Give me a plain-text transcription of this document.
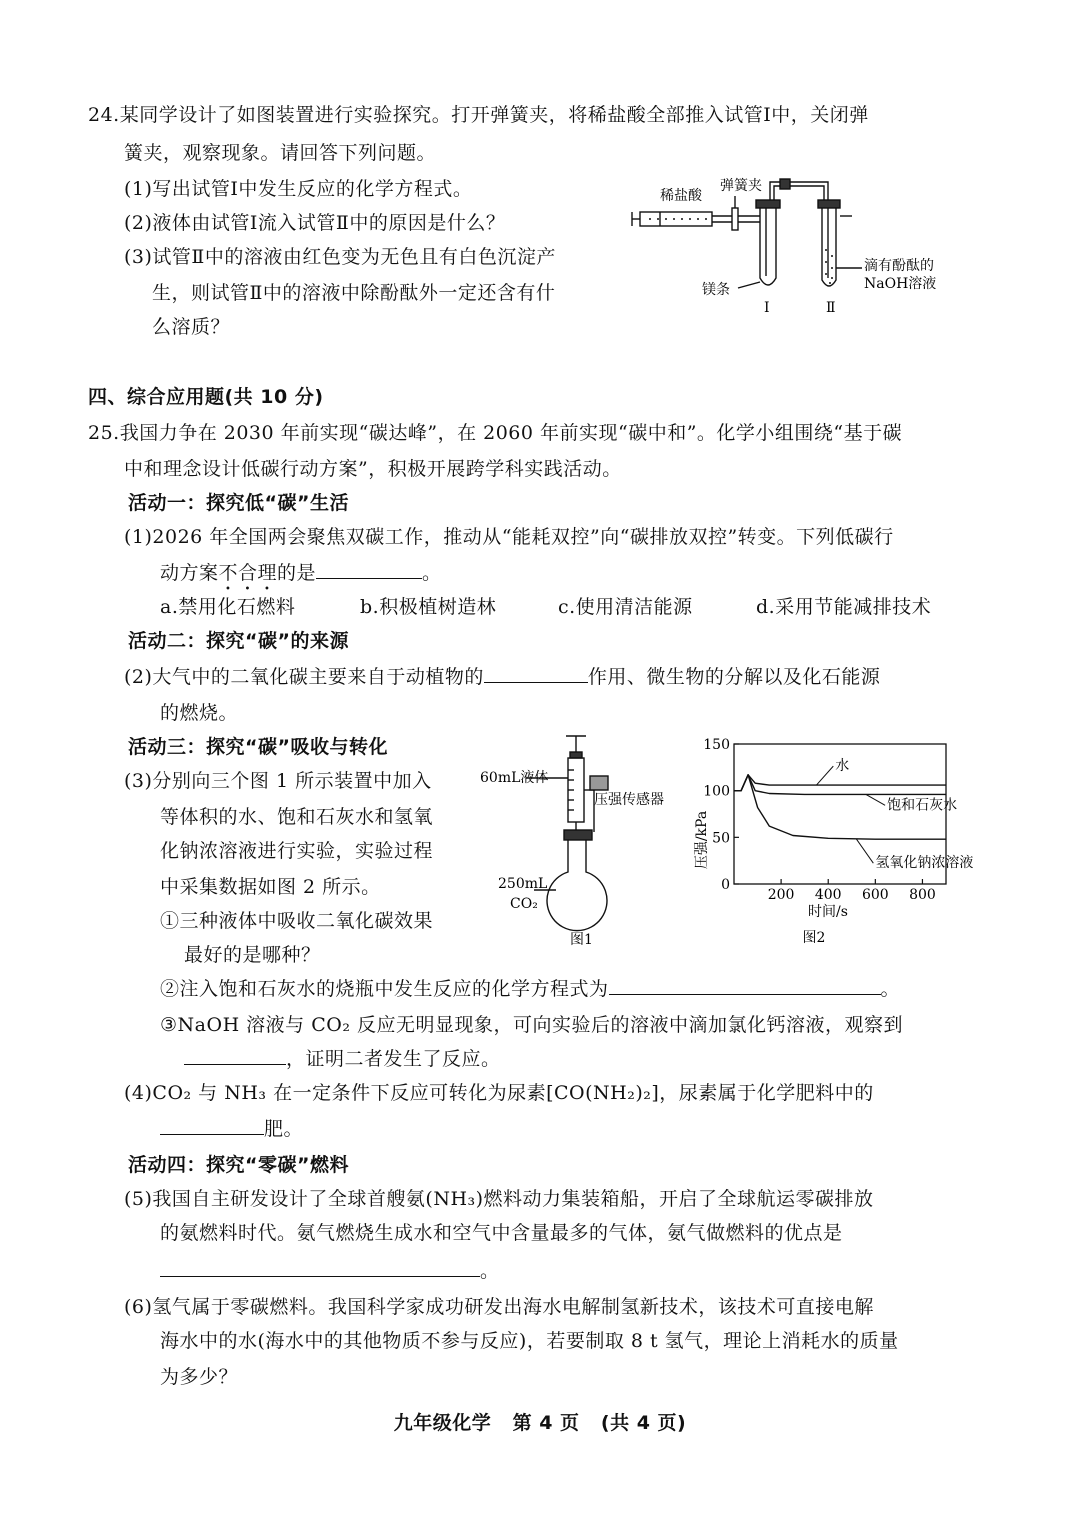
24.某同学设计了如图装置进行实验探究。打开弹簧夹，将稀盐酸全部推入试管Ⅰ中，关闭弹
簧夹，观察现象。请回答下列问题。
(1)写出试管Ⅰ中发生反应的化学方程式。
(2)液体由试管Ⅰ流入试管Ⅱ中的原因是什么？
(3)试管Ⅱ中的溶液由红色变为无色且有白色沉淀产
生，则试管Ⅱ中的溶液中除酚酞外一定还含有什
么溶质？
稀盐酸
弹簧夹
镁条
滴有酚酞的
NaOH溶液
Ⅰ	Ⅱ
四、综合应用题(共 10 分)
25.我国力争在 2030 年前实现“碳达峰”，在 2060 年前实现“碳中和”。化学小组围绕“基于碳
中和理念设计低碳行动方案”，积极开展跨学科实践活动。
活动一：探究低“碳”生活
(1)2026 年全国两会聚焦双碳工作，推动从“能耗双控”向“碳排放双控”转变。下列低碳行
动方案不合理的是	。
a.禁用化石燃料	b.积极植树造林	c.使用清洁能源	d.采用节能减排技术
活动二：探究“碳”的来源
(2)大气中的二氧化碳主要来自于动植物的	作用、微生物的分解以及化石能源
的燃烧。
活动三：探究“碳”吸收与转化
(3)分别向三个图 1 所示装置中加入
等体积的水、饱和石灰水和氢氧
化钠浓溶液进行实验，实验过程
中采集数据如图 2 所示。
①三种液体中吸收二氧化碳效果
最好的是哪种？
60mL液体
压强传感器
250mL
CO₂
图1
压强/kPa
时间/s
图2
0
50
100
150
200 400 600 800
水
饱和石灰水
氢氧化钠浓溶液
②注入饱和石灰水的烧瓶中发生反应的化学方程式为	。
③NaOH 溶液与 CO₂ 反应无明显现象，可向实验后的溶液中滴加氯化钙溶液，观察到
，证明二者发生了反应。
(4)CO₂ 与 NH₃ 在一定条件下反应可转化为尿素[CO(NH₂)₂]，尿素属于化学肥料中的
肥。
活动四：探究“零碳”燃料
(5)我国自主研发设计了全球首艘氨(NH₃)燃料动力集装箱船，开启了全球航运零碳排放
的氨燃料时代。氨气燃烧生成水和空气中含量最多的气体，氨气做燃料的优点是
。
(6)氢气属于零碳燃料。我国科学家成功研发出海水电解制氢新技术，该技术可直接电解
海水中的水(海水中的其他物质不参与反应)，若要制取 8 t 氢气，理论上消耗水的质量
为多少？
九年级化学   第 4 页   (共 4 页)
